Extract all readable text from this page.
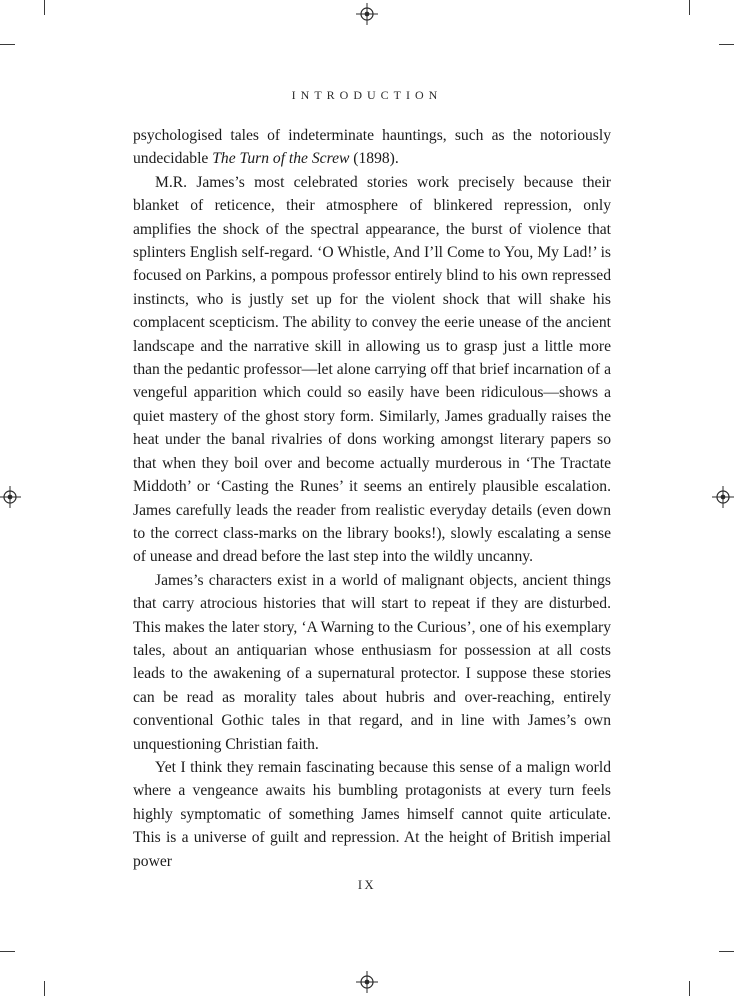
INTRODUCTION

psychologised tales of indeterminate hauntings, such as the notoriously undecidable The Turn of the Screw (1898).

M.R. James’s most celebrated stories work precisely because their blanket of reticence, their atmosphere of blinkered repression, only amplifies the shock of the spectral appearance, the burst of violence that splinters English self-regard. ‘O Whistle, And I’ll Come to You, My Lad!’ is focused on Parkins, a pompous professor entirely blind to his own repressed instincts, who is justly set up for the violent shock that will shake his complacent scepticism. The ability to convey the eerie unease of the ancient landscape and the narrative skill in allowing us to grasp just a little more than the pedantic professor—let alone carrying off that brief incarnation of a vengeful apparition which could so easily have been ridiculous—shows a quiet mastery of the ghost story form. Similarly, James gradually raises the heat under the banal rivalries of dons working amongst literary papers so that when they boil over and become actually murderous in ‘The Tractate Middoth’ or ‘Casting the Runes’ it seems an entirely plausible escalation. James carefully leads the reader from realistic everyday details (even down to the correct class-marks on the library books!), slowly escalating a sense of unease and dread before the last step into the wildly uncanny.

James’s characters exist in a world of malignant objects, ancient things that carry atrocious histories that will start to repeat if they are disturbed. This makes the later story, ‘A Warning to the Curious’, one of his exemplary tales, about an antiquarian whose enthusiasm for possession at all costs leads to the awakening of a supernatural protector. I suppose these stories can be read as morality tales about hubris and over-reaching, entirely conventional Gothic tales in that regard, and in line with James’s own unquestioning Christian faith.

Yet I think they remain fascinating because this sense of a malign world where a vengeance awaits his bumbling protagonists at every turn feels highly symptomatic of something James himself cannot quite articulate. This is a universe of guilt and repression. At the height of British imperial power

IX
